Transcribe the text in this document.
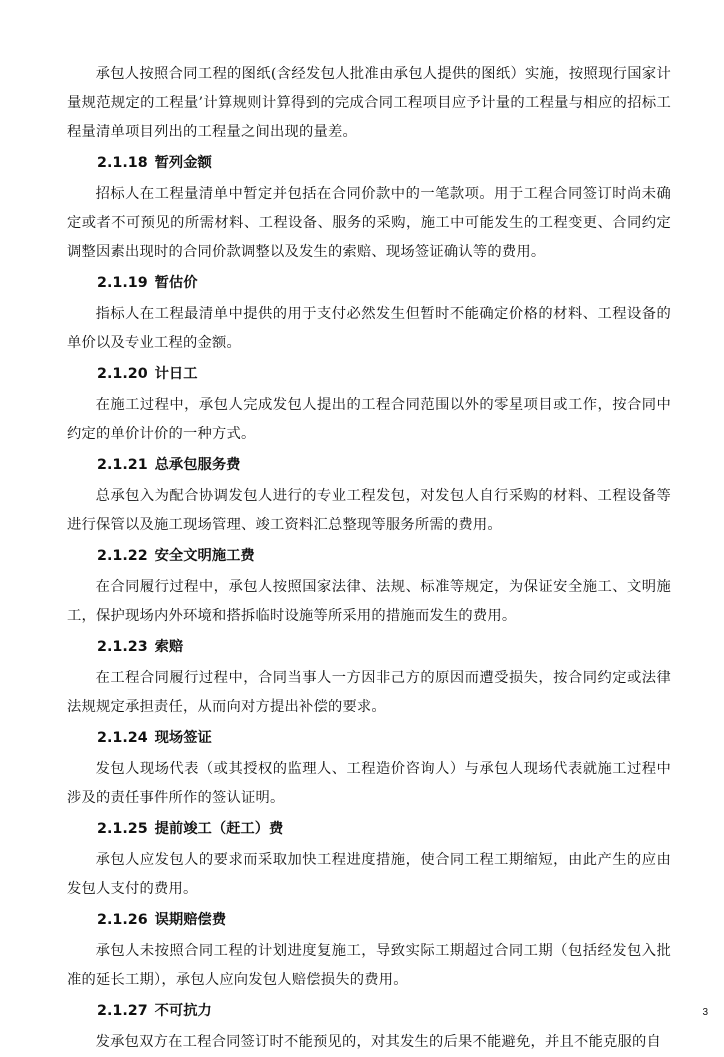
承包人按照合同工程的图纸(含经发包人批准由承包人提供的图纸）实施，按照现行国家计量规范规定的工程量’计算规则计算得到的完成合同工程项目应予计量的工程量与相应的招标工程量清单项目列出的工程量之间出现的量差。

2.1.18 暂列金额

招标人在工程量清单中暂定并包括在合同价款中的一笔款项。用于工程合同签订时尚未确定或者不可预见的所需材料、工程设备、服务的采购，施工中可能发生的工程变更、合同约定调整因素出现时的合同价款调整以及发生的索赔、现场签证确认等的费用。

2.1.19 暂估价

指标人在工程最清单中提供的用于支付必然发生但暂时不能确定价格的材料、工程设备的单价以及专业工程的金额。

2.1.20 计日工

在施工过程中，承包人完成发包人提出的工程合同范围以外的零星项目或工作，按合同中约定的单价计价的一种方式。

2.1.21 总承包服务费

总承包入为配合协调发包人进行的专业工程发包，对发包人自行采购的材料、工程设备等进行保管以及施工现场管理、竣工资料汇总整现等服务所需的费用。

2.1.22 安全文明施工费

在合同履行过程中，承包人按照国家法律、法规、标准等规定，为保证安全施工、文明施工，保护现场内外环境和搭拆临时设施等所采用的措施而发生的费用。

2.1.23 索赔

在工程合同履行过程中，合同当事人一方因非己方的原因而遭受损失，按合同约定或法律法规规定承担责任，从而向对方提出补偿的要求。

2.1.24 现场签证

发包人现场代表（或其授权的监理人、工程造价咨询人）与承包人现场代表就施工过程中涉及的责任事件所作的签认证明。

2.1.25 提前竣工（赶工）费

承包人应发包人的要求而采取加快工程进度措施，使合同工程工期缩短，由此产生的应由发包人支付的费用。

2.1.26 误期赔偿费

承包人未按照合同工程的计划进度复施工，导致实际工期超过合同工期（包括经发包入批准的延长工期），承包人应向发包人赔偿损失的费用。

2.1.27 不可抗力

发承包双方在工程合同签订时不能预见的，对其发生的后果不能避免，并且不能克服的自

3
